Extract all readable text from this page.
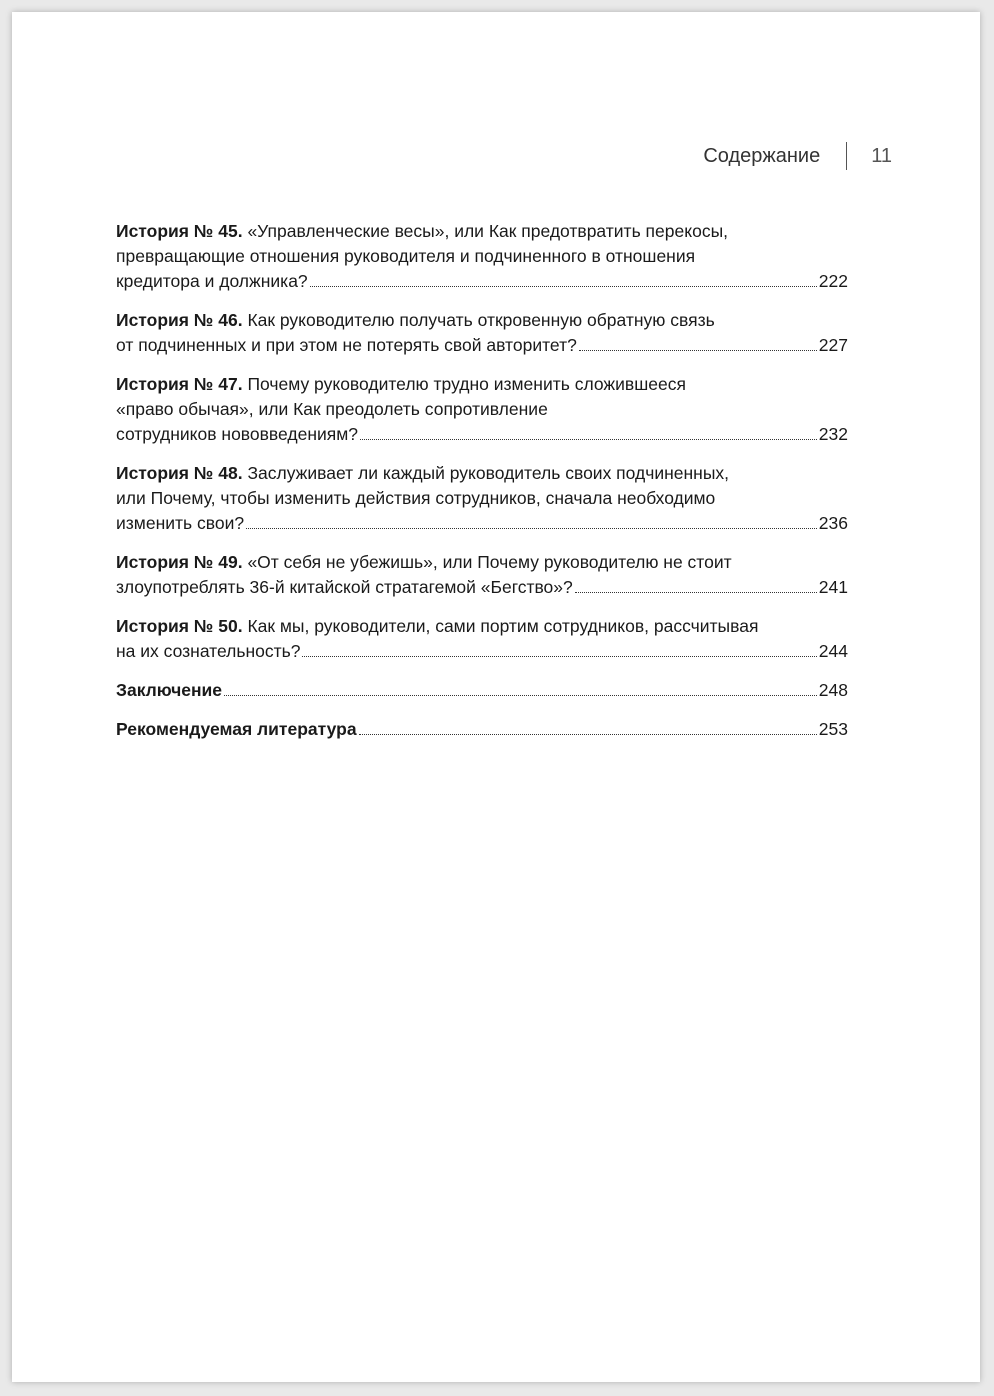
Содержание	11
История № 45. «Управленческие весы», или Как предотвратить перекосы,
превращающие отношения руководителя и подчиненного в отношения
кредитора и должника?	222
История № 46. Как руководителю получать откровенную обратную связь
от подчиненных и при этом не потерять свой авторитет?	227
История № 47. Почему руководителю трудно изменить сложившееся
«право обычая», или Как преодолеть сопротивление
сотрудников нововведениям?	232
История № 48. Заслуживает ли каждый руководитель своих подчиненных,
или Почему, чтобы изменить действия сотрудников, сначала необходимо
изменить свои?	236
История № 49. «От себя не убежишь», или Почему руководителю не стоит
злоупотреблять 36-й китайской стратагемой «Бегство»?	241
История № 50. Как мы, руководители, сами портим сотрудников, рассчитывая
на их сознательность?	244
Заключение	248
Рекомендуемая литература	253
